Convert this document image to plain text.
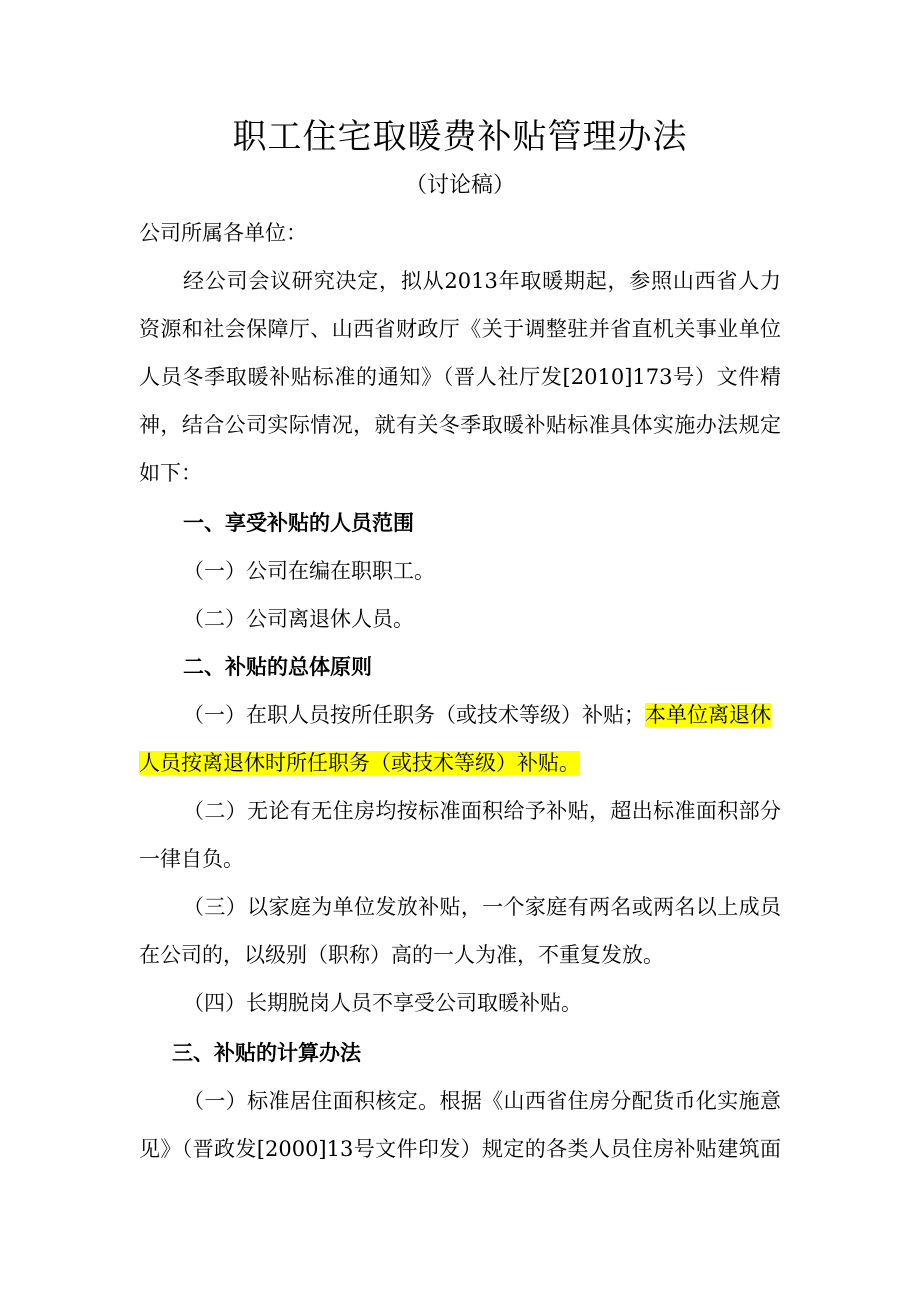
职工住宅取暖费补贴管理办法
（讨论稿）
公司所属各单位：
经公司会议研究决定，拟从2013年取暖期起，参照山西省人力
资源和社会保障厅、山西省财政厅《关于调整驻并省直机关事业单位
人员冬季取暖补贴标准的通知》（晋人社厅发[2010]173号）文件精
神，结合公司实际情况，就有关冬季取暖补贴标准具体实施办法规定
如下：
一、享受补贴的人员范围
（一）公司在编在职职工。
（二）公司离退休人员。
二、补贴的总体原则
（一）在职人员按所任职务（或技术等级）补贴；本单位离退休
人员按离退休时所任职务（或技术等级）补贴。
（二）无论有无住房均按标准面积给予补贴，超出标准面积部分
一律自负。
（三）以家庭为单位发放补贴，一个家庭有两名或两名以上成员
在公司的，以级别（职称）高的一人为准，不重复发放。
（四）长期脱岗人员不享受公司取暖补贴。
三、补贴的计算办法
（一）标准居住面积核定。根据《山西省住房分配货币化实施意
见》（晋政发[2000]13号文件印发）规定的各类人员住房补贴建筑面
